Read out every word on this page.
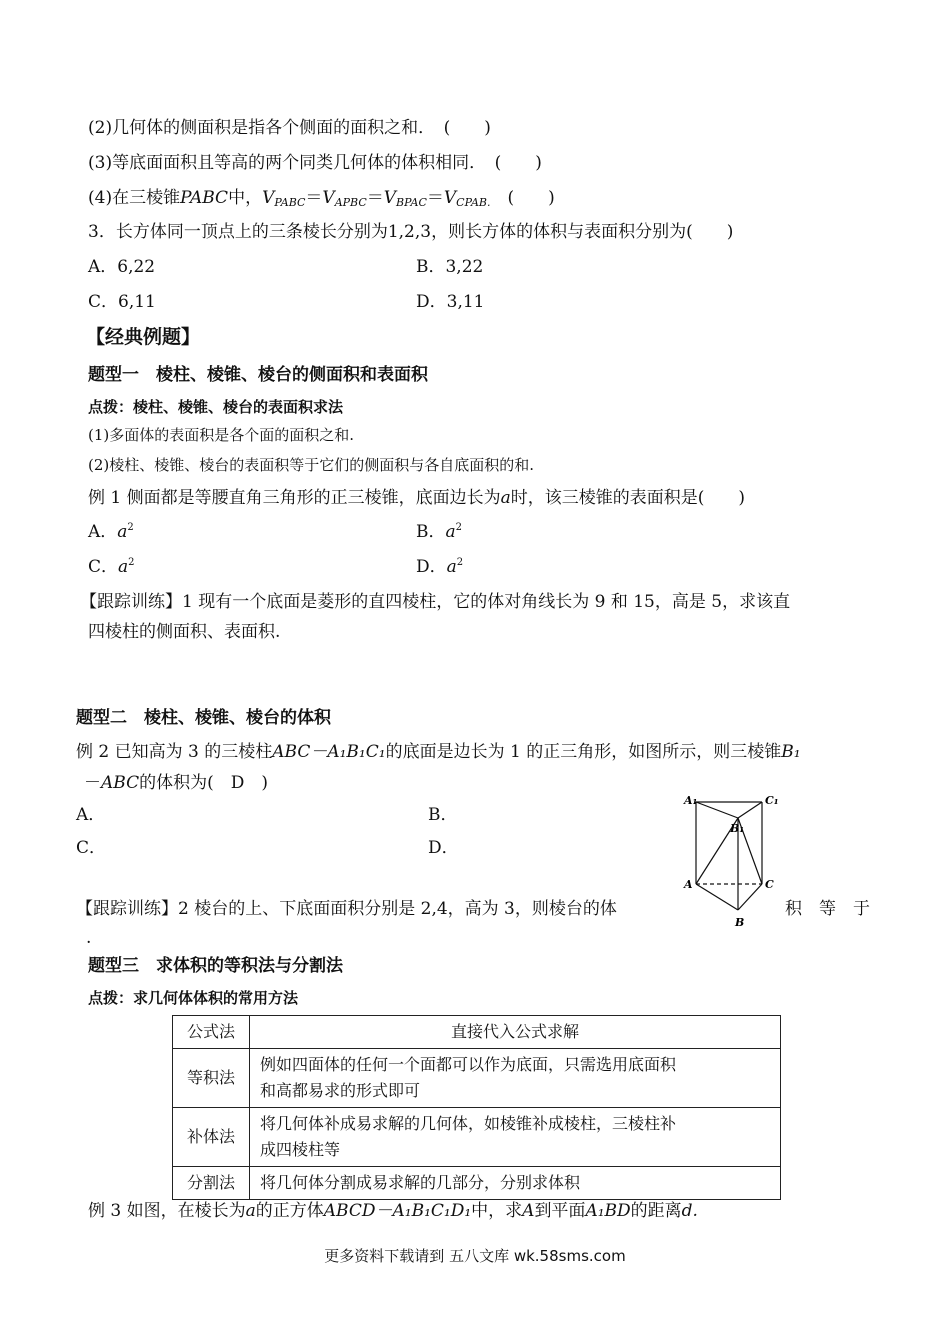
(2)几何体的侧面积是指各个侧面的面积之和．　 (　　)
(3)等底面面积且等高的两个同类几何体的体积相同．　 (　　)
(4)在三棱锥PABC中，$V_{PABC}=V_{APBC}=V_{BPAC}=V_{CPAB.}$　 (　　)
3．长方体同一顶点上的三条棱长分别为1,2,3，则长方体的体积与表面积分别为(　　)
A．6,22	B．3,22
C．6,11	D．3,11
【经典例题】
题型一　棱柱、棱锥、棱台的侧面积和表面积
点拨：棱柱、棱锥、棱台的表面积求法
(1)多面体的表面积是各个面的面积之和.
(2)棱柱、棱锥、棱台的表面积等于它们的侧面积与各自底面积的和.
例 1 侧面都是等腰直角三角形的正三棱锥，底面边长为a时，该三棱锥的表面积是(　　)
A．$a^2$	B．$a^2$
C．$a^2$	D．$a^2$
【跟踪训练】1 现有一个底面是菱形的直四棱柱，它的体对角线长为 9 和 15，高是 5，求该直
四棱柱的侧面积、表面积.
题型二　棱柱、棱锥、棱台的体积
例 2 已知高为 3 的三棱柱ABC－A₁B₁C₁的底面是边长为 1 的正三角形，如图所示，则三棱锥B₁
－ABC的体积为(　D　)
A．	B．
C．	D．
A₁	C₁
B₁
A	C
B
【跟踪训练】2 棱台的上、下底面面积分别是 2,4，高为 3，则棱台的体	积　等　于
.
题型三　求体积的等积法与分割法
点拨：求几何体体积的常用方法
公式法	直接代入公式求解
等积法	例如四面体的任何一个面都可以作为底面，只需选用底面积
和高都易求的形式即可

补体法	将几何体补成易求解的几何体，如棱锥补成棱柱，三棱柱补
成四棱柱等

分割法	将几何体分割成易求解的几部分，分别求体积
例 3 如图，在棱长为a的正方体ABCD－A₁B₁C₁D₁中，求A到平面A₁BD的距离d.
更多资料下载请到 五八文库 wk.58sms.com
